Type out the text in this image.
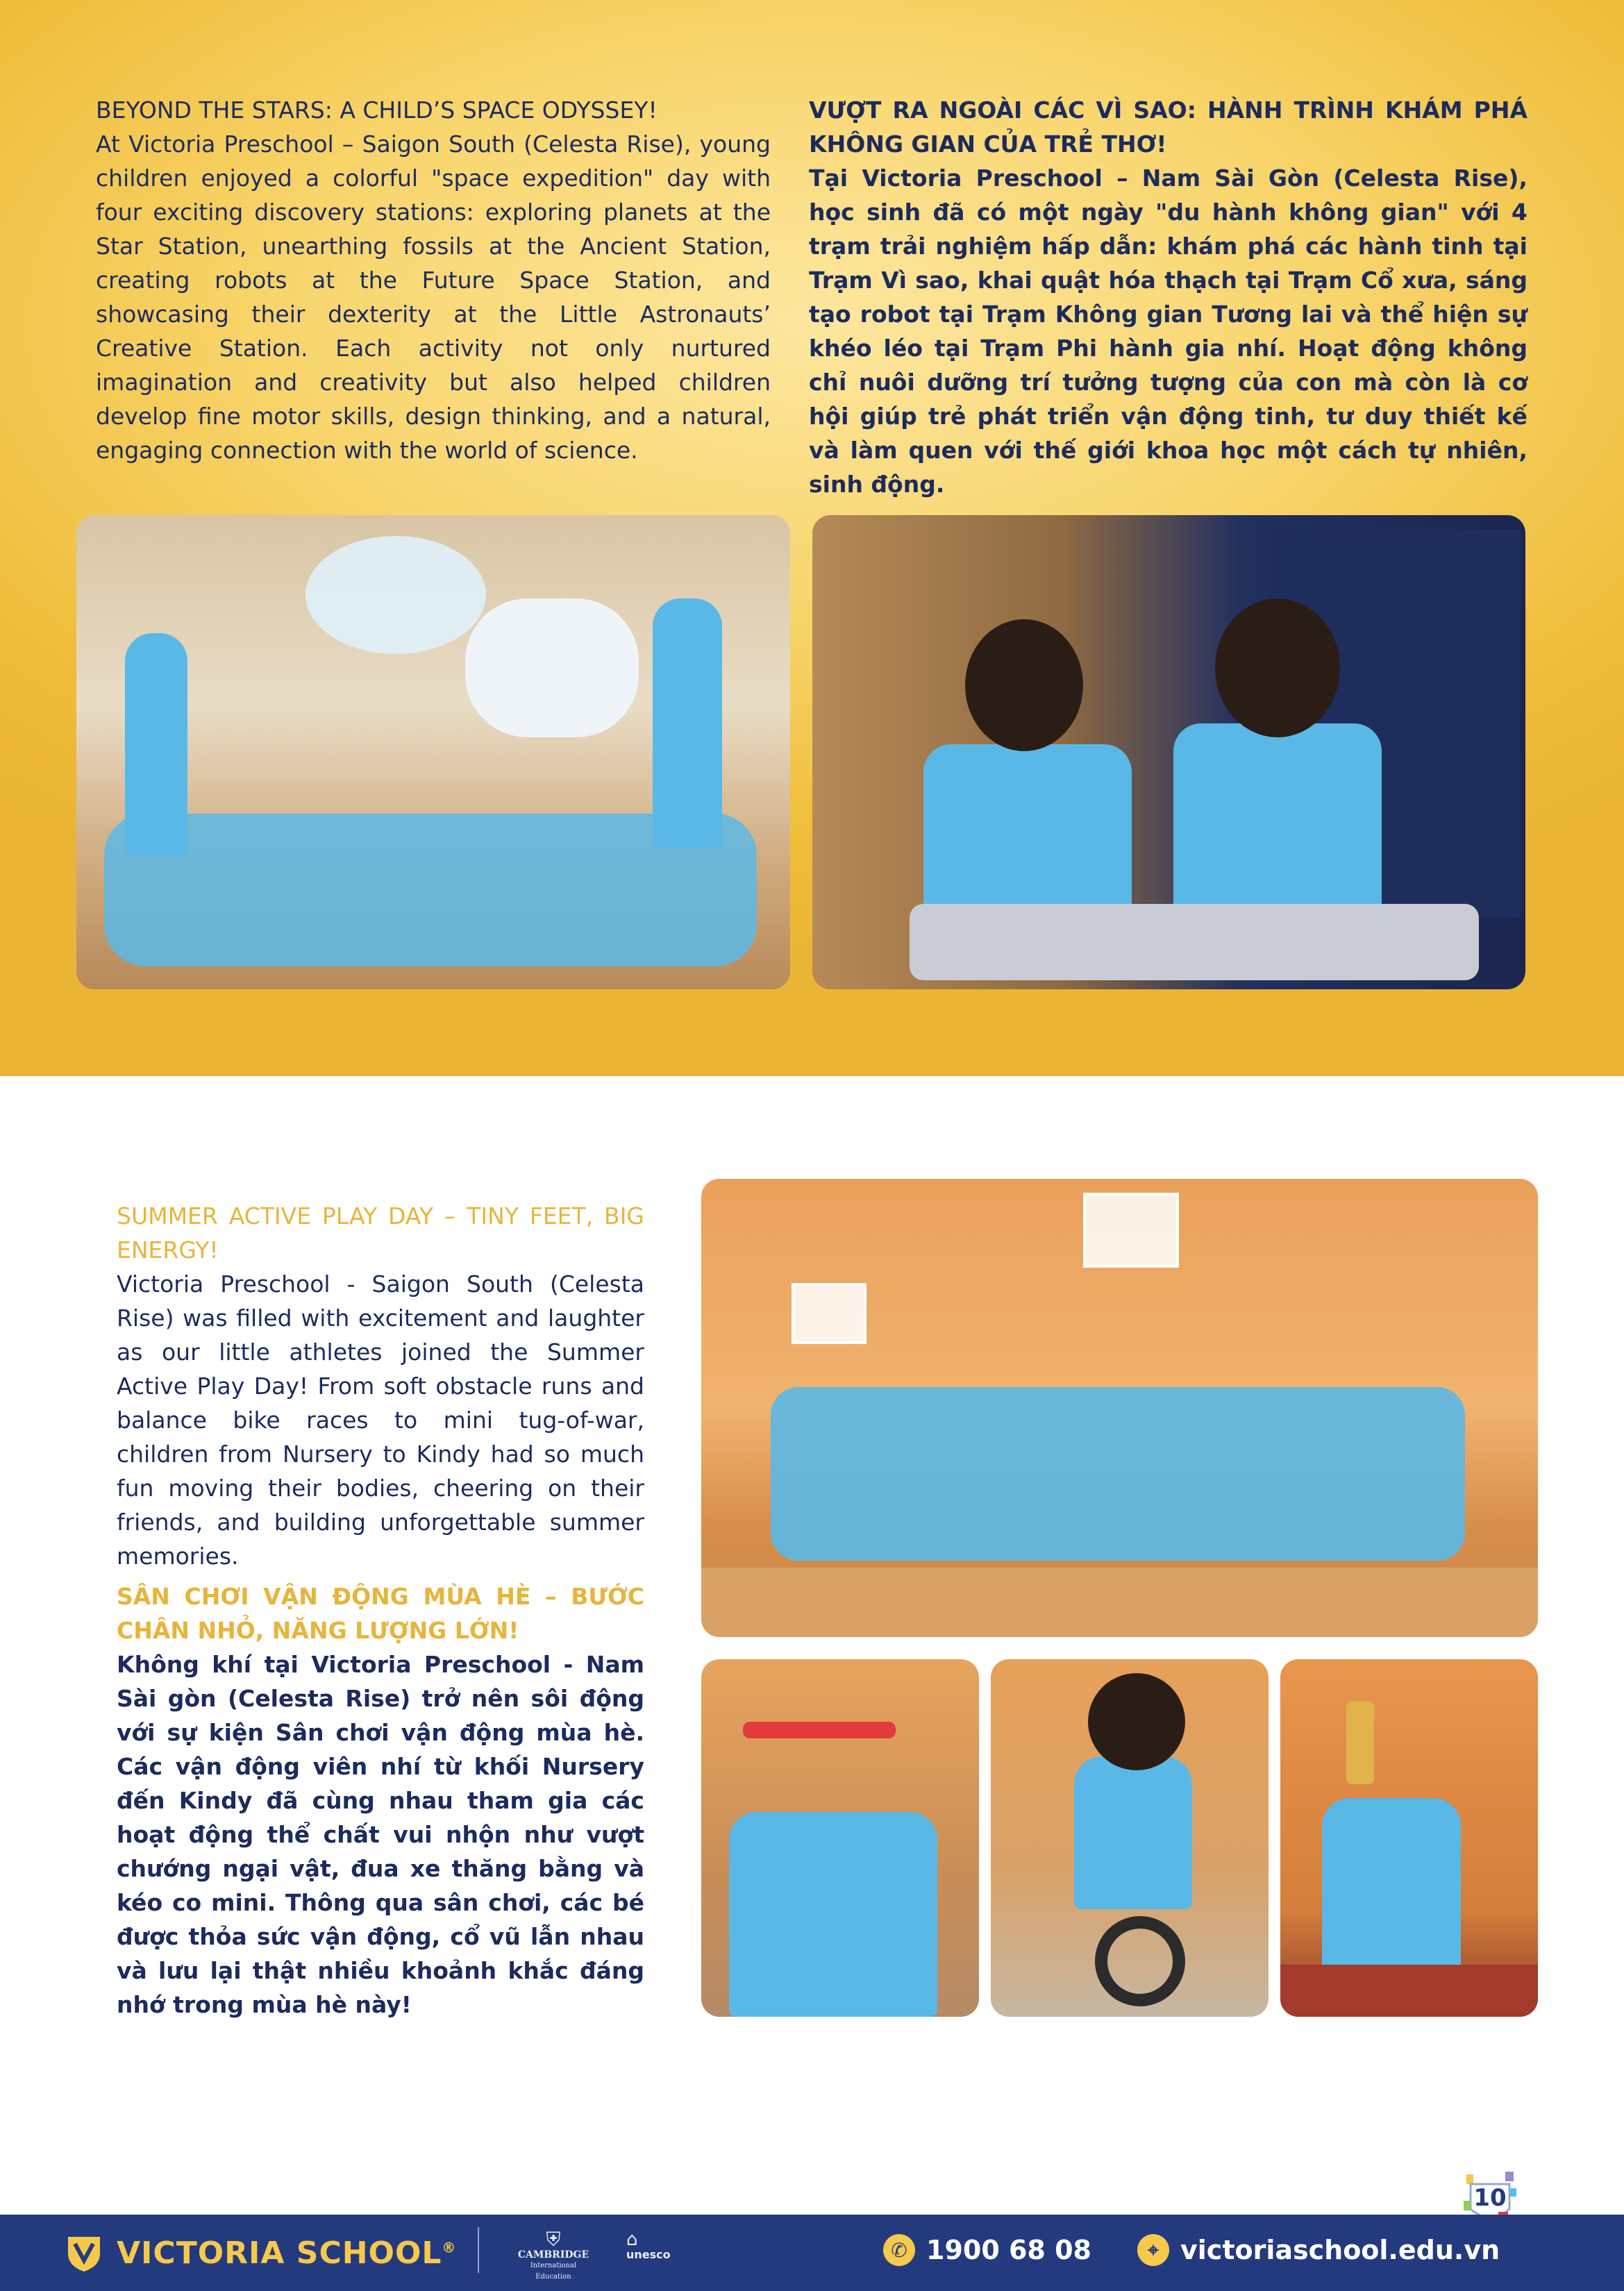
BEYOND THE STARS: A CHILD’S SPACE ODYSSEY!
At Victoria Preschool – Saigon South (Celesta Rise), young children enjoyed a colorful "space expedition" day with four exciting discovery stations: exploring planets at the Star Station, unearthing fossils at the Ancient Station, creating robots at the Future Space Station, and showcasing their dexterity at the Little Astronauts’ Creative Station. Each activity not only nurtured imagination and creativity but also helped children develop fine motor skills, design thinking, and a natural, engaging connection with the world of science.
VƯỢT RA NGOÀI CÁC VÌ SAO: HÀNH TRÌNH KHÁM PHÁ KHÔNG GIAN CỦA TRẺ THƠ!
Tại Victoria Preschool – Nam Sài Gòn (Celesta Rise), học sinh đã có một ngày "du hành không gian" với 4 trạm trải nghiệm hấp dẫn: khám phá các hành tinh tại Trạm Vì sao, khai quật hóa thạch tại Trạm Cổ xưa, sáng tạo robot tại Trạm Không gian Tương lai và thể hiện sự khéo léo tại Trạm Phi hành gia nhí. Hoạt động không chỉ nuôi dưỡng trí tưởng tượng của con mà còn là cơ hội giúp trẻ phát triển vận động tinh, tư duy thiết kế và làm quen với thế giới khoa học một cách tự nhiên, sinh động.
SUMMER ACTIVE PLAY DAY – TINY FEET, BIG ENERGY!
Victoria Preschool - Saigon South (Celesta Rise) was filled with excitement and laughter as our little athletes joined the Summer Active Play Day! From soft obstacle runs and balance bike races to mini tug-of-war, children from Nursery to Kindy had so much fun moving their bodies, cheering on their friends, and building unforgettable summer memories.
SÂN CHƠI VẬN ĐỘNG MÙA HÈ – BƯỚC CHÂN NHỎ, NĂNG LƯỢNG LỚN!
Không khí tại Victoria Preschool - Nam Sài gòn (Celesta Rise) trở nên sôi động với sự kiện Sân chơi vận động mùa hè. Các vận động viên nhí từ khối Nursery đến Kindy đã cùng nhau tham gia các hoạt động thể chất vui nhộn như vượt chướng ngại vật, đua xe thăng bằng và kéo co mini. Thông qua sân chơi, các bé được thỏa sức vận động, cổ vũ lẫn nhau và lưu lại thật nhiều khoảnh khắc đáng nhớ trong mùa hè này!
10
VICTORIA SCHOOL®	⛨
CAMBRIDGE
International Education
⌂
unesco	✆ 1900 68 08	⌖ victoriaschool.edu.vn
